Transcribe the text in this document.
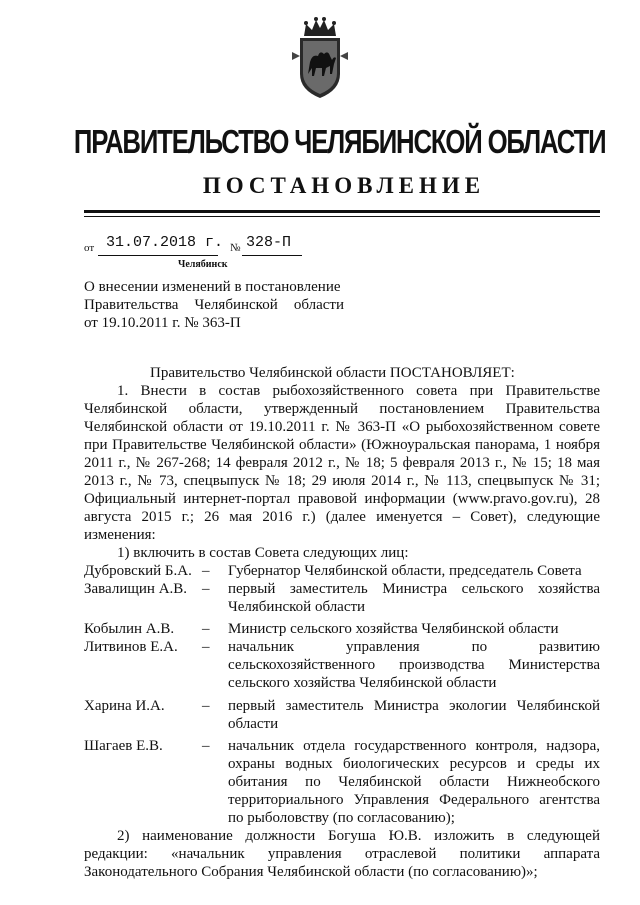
ПРАВИТЕЛЬСТВО ЧЕЛЯБИНСКОЙ ОБЛАСТИ
ПОСТАНОВЛЕНИЕ
от 31.07.2018 г. № 328-П
Челябинск
О внесении изменений в постановление
Правительства Челябинской области
от 19.10.2011 г. № 363-П

Правительство Челябинской области ПОСТАНОВЛЯЕТ:

1. Внести в состав рыбохозяйственного совета при Правительстве Челябинской области, утвержденный постановлением Правительства Челябинской области от 19.10.2011 г. № 363-П «О рыбохозяйственном совете при Правительстве Челябинской области» (Южноуральская панорама, 1 ноября 2011 г., № 267-268; 14 февраля 2012 г., № 18; 5 февраля 2013 г., № 15; 18 мая 2013 г., № 73, спецвыпуск № 18; 29 июля 2014 г., № 113, спецвыпуск № 31; Официальный интернет-портал правовой информации (www.pravo.gov.ru), 28 августа 2015 г.; 26 мая 2016 г.) (далее именуется – Совет), следующие изменения:

1) включить в состав Совета следующих лиц:

Дубровский Б.А. –	Губернатор Челябинской области, председатель Совета
Завалищин А.В. –	первый заместитель Министра сельского хозяйства Челябинской области
Кобылин А.В.	–	Министр сельского хозяйства Челябинской области
Литвинов Е.А.	–	начальник управления по развитию сельскохозяйственного производства Министерства сельского хозяйства Челябинской области
Харина И.А.	–	первый заместитель Министра экологии Челябинской области
Шагаев Е.В.	–	начальник отдела государственного контроля, надзора, охраны водных биологических ресурсов и среды их обитания по Челябинской области Нижнеобского территориального Управления Федерального агентства по рыболовству (по согласованию);

2) наименование должности Богуша Ю.В. изложить в следующей редакции: «начальник управления отраслевой политики аппарата Законодательного Собрания Челябинской области (по согласованию)»;
